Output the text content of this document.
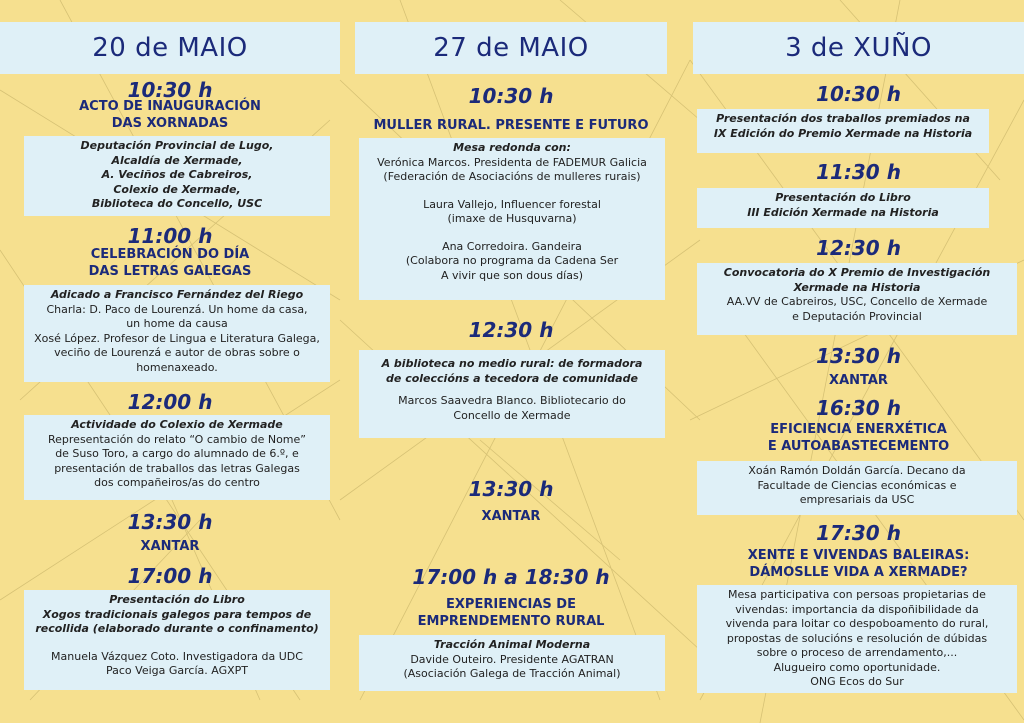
20 de MAIO
10:30 h
ACTO DE INAUGURACIÓN
DAS XORNADAS
Deputación Provincial de Lugo,
Alcaldía de Xermade,
A. Veciños de Cabreiros,
Colexio de Xermade,
Biblioteca do Concello, USC
11:00 h
CELEBRACIÓN DO DÍA
DAS LETRAS GALEGAS
Adicado a Francisco Fernández del Riego
Charla: D. Paco de Lourenzá. Un home da casa,
un home da causa
Xosé López. Profesor de Lingua e Literatura Galega,
veciño de Lourenzá e autor de obras sobre o
homenaxeado.
12:00 h
Actividade do Colexio de Xermade
Representación do relato “O cambio de Nome”
de Suso Toro, a cargo do alumnado de 6.º, e
presentación de traballos das letras Galegas
dos compañeiros/as do centro
13:30 h
XANTAR
17:00 h
Presentación do Libro
Xogos tradicionais galegos para tempos de
recollida (elaborado durante o confinamento)
Manuela Vázquez Coto. Investigadora da UDC
Paco Veiga García. AGXPT
27 de MAIO
10:30 h
MULLER RURAL. PRESENTE E FUTURO
Mesa redonda con:
Verónica Marcos. Presidenta de FADEMUR Galicia
(Federación de Asociacións de mulleres rurais)
Laura Vallejo, Influencer forestal
(imaxe de Husquvarna)
Ana Corredoira. Gandeira
(Colabora no programa da Cadena Ser
A vivir que son dous días)
12:30 h
A biblioteca no medio rural: de formadora
de coleccións a tecedora de comunidade
Marcos Saavedra Blanco. Bibliotecario do
Concello de Xermade
13:30 h
XANTAR
17:00 h a 18:30 h
EXPERIENCIAS DE
EMPRENDEMENTO RURAL
Tracción Animal Moderna
Davide Outeiro. Presidente AGATRAN
(Asociación Galega de Tracción Animal)
3 de XUÑO
10:30 h
Presentación dos traballos premiados na
IX Edición do Premio Xermade na Historia
11:30 h
Presentación do Libro
III Edición Xermade na Historia
12:30 h
Convocatoria do X Premio de Investigación
Xermade na Historia
AA.VV de Cabreiros, USC, Concello de Xermade
e Deputación Provincial
13:30 h
XANTAR
16:30 h
EFICIENCIA ENERXÉTICA
E AUTOABASTECEMENTO
Xoán Ramón Doldán García. Decano da
Facultade de Ciencias económicas e
empresariais da USC
17:30 h
XENTE E VIVENDAS BALEIRAS:
DÁMOSLLE VIDA A XERMADE?
Mesa participativa con persoas propietarias de
vivendas: importancia da dispoñibilidade da
vivenda para loitar co despoboamento do rural,
propostas de solucións e resolución de dúbidas
sobre o proceso de arrendamento,...
Alugueiro como oportunidade.
ONG Ecos do Sur
